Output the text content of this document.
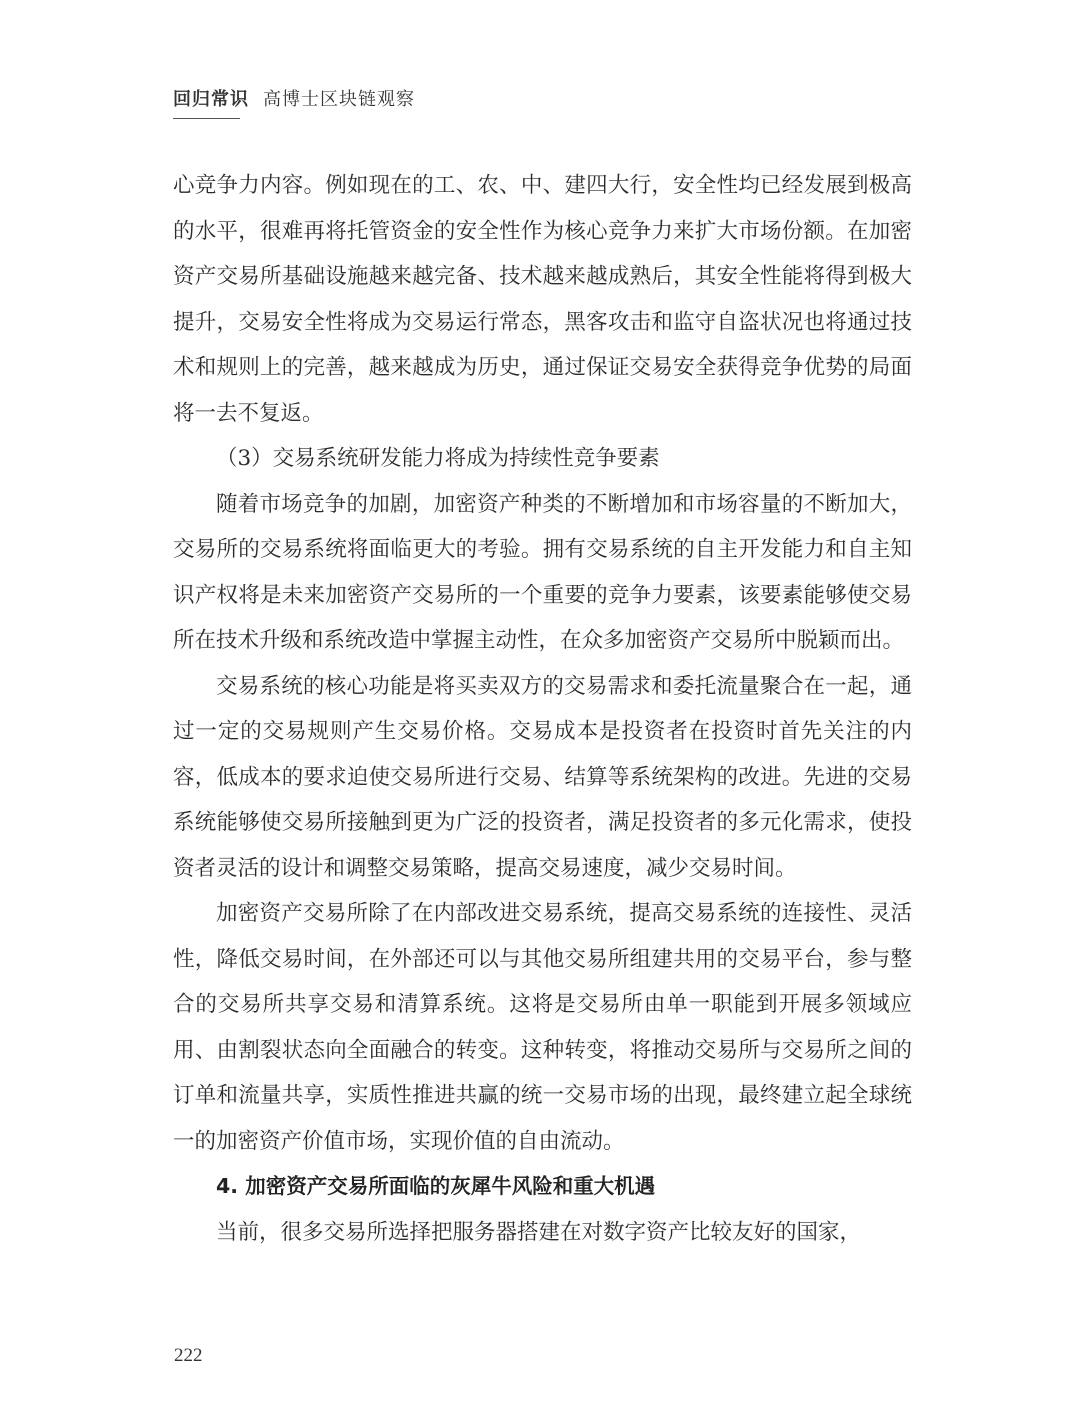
回归常识 高博士区块链观察

心竞争力内容。例如现在的工、农、中、建四大行，安全性均已经发展到极高的水平，很难再将托管资金的安全性作为核心竞争力来扩大市场份额。在加密资产交易所基础设施越来越完备、技术越来越成熟后，其安全性能将得到极大提升，交易安全性将成为交易运行常态，黑客攻击和监守自盗状况也将通过技术和规则上的完善，越来越成为历史，通过保证交易安全获得竞争优势的局面将一去不复返。

（3）交易系统研发能力将成为持续性竞争要素

随着市场竞争的加剧，加密资产种类的不断增加和市场容量的不断加大，交易所的交易系统将面临更大的考验。拥有交易系统的自主开发能力和自主知识产权将是未来加密资产交易所的一个重要的竞争力要素，该要素能够使交易所在技术升级和系统改造中掌握主动性，在众多加密资产交易所中脱颖而出。

交易系统的核心功能是将买卖双方的交易需求和委托流量聚合在一起，通过一定的交易规则产生交易价格。交易成本是投资者在投资时首先关注的内容，低成本的要求迫使交易所进行交易、结算等系统架构的改进。先进的交易系统能够使交易所接触到更为广泛的投资者，满足投资者的多元化需求，使投资者灵活的设计和调整交易策略，提高交易速度，减少交易时间。

加密资产交易所除了在内部改进交易系统，提高交易系统的连接性、灵活性，降低交易时间，在外部还可以与其他交易所组建共用的交易平台，参与整合的交易所共享交易和清算系统。这将是交易所由单一职能到开展多领域应用、由割裂状态向全面融合的转变。这种转变，将推动交易所与交易所之间的订单和流量共享，实质性推进共赢的统一交易市场的出现，最终建立起全球统一的加密资产价值市场，实现价值的自由流动。

4. 加密资产交易所面临的灰犀牛风险和重大机遇

当前，很多交易所选择把服务器搭建在对数字资产比较友好的国家，

222
